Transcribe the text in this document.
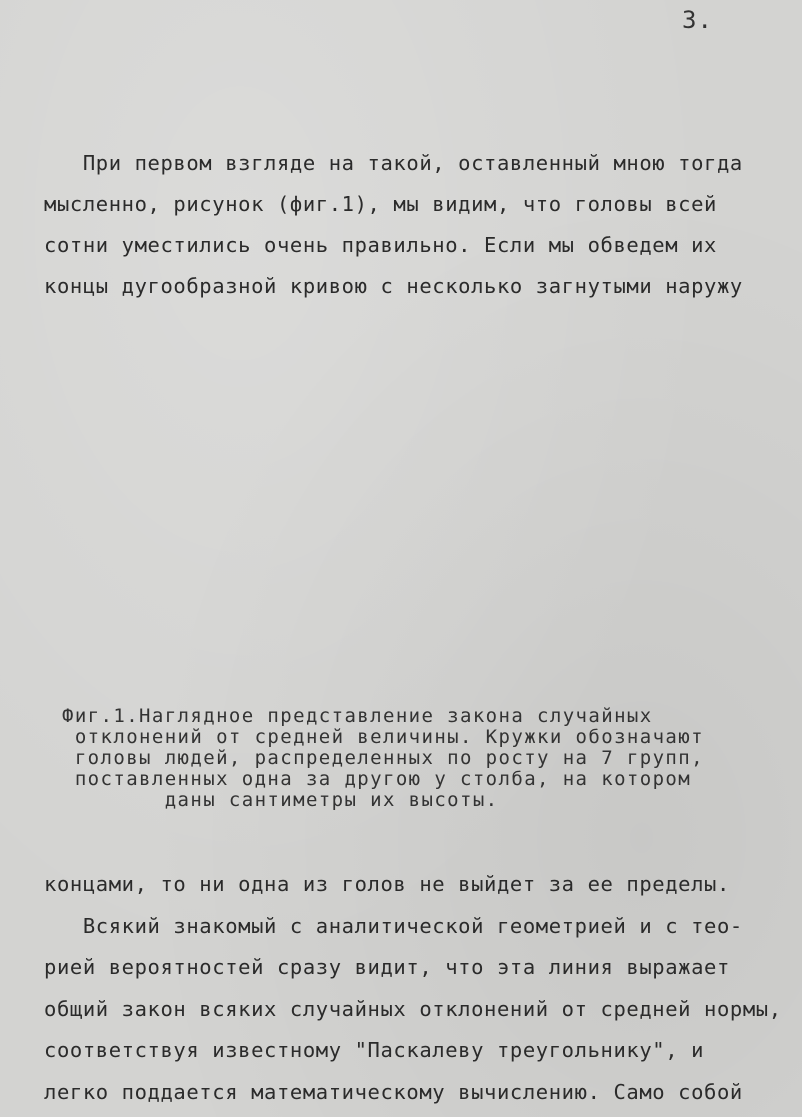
3.
При первом взгляде на такой, оставленный мною тогда
мысленно, рисунок (фиг.1), мы видим, что головы всей
сотни уместились очень правильно. Если мы обведем их
концы дугообразной кривою с несколько загнутыми наружу
Фиг.1.Наглядное представление закона случайных
отклонений от средней величины. Кружки обозначают
головы людей, распределенных по росту на 7 групп,
поставленных одна за другою у столба, на котором
даны сантиметры их высоты.
концами, то ни одна из голов не выйдет за ее пределы.
Всякий знакомый с аналитической геометрией и с тео-
рией вероятностей сразу видит, что эта линия выражает
общий закон всяких случайных отклонений от средней нормы,
соответствуя известному "Паскалеву треугольнику", и
легко поддается математическому вычислению. Само собой
